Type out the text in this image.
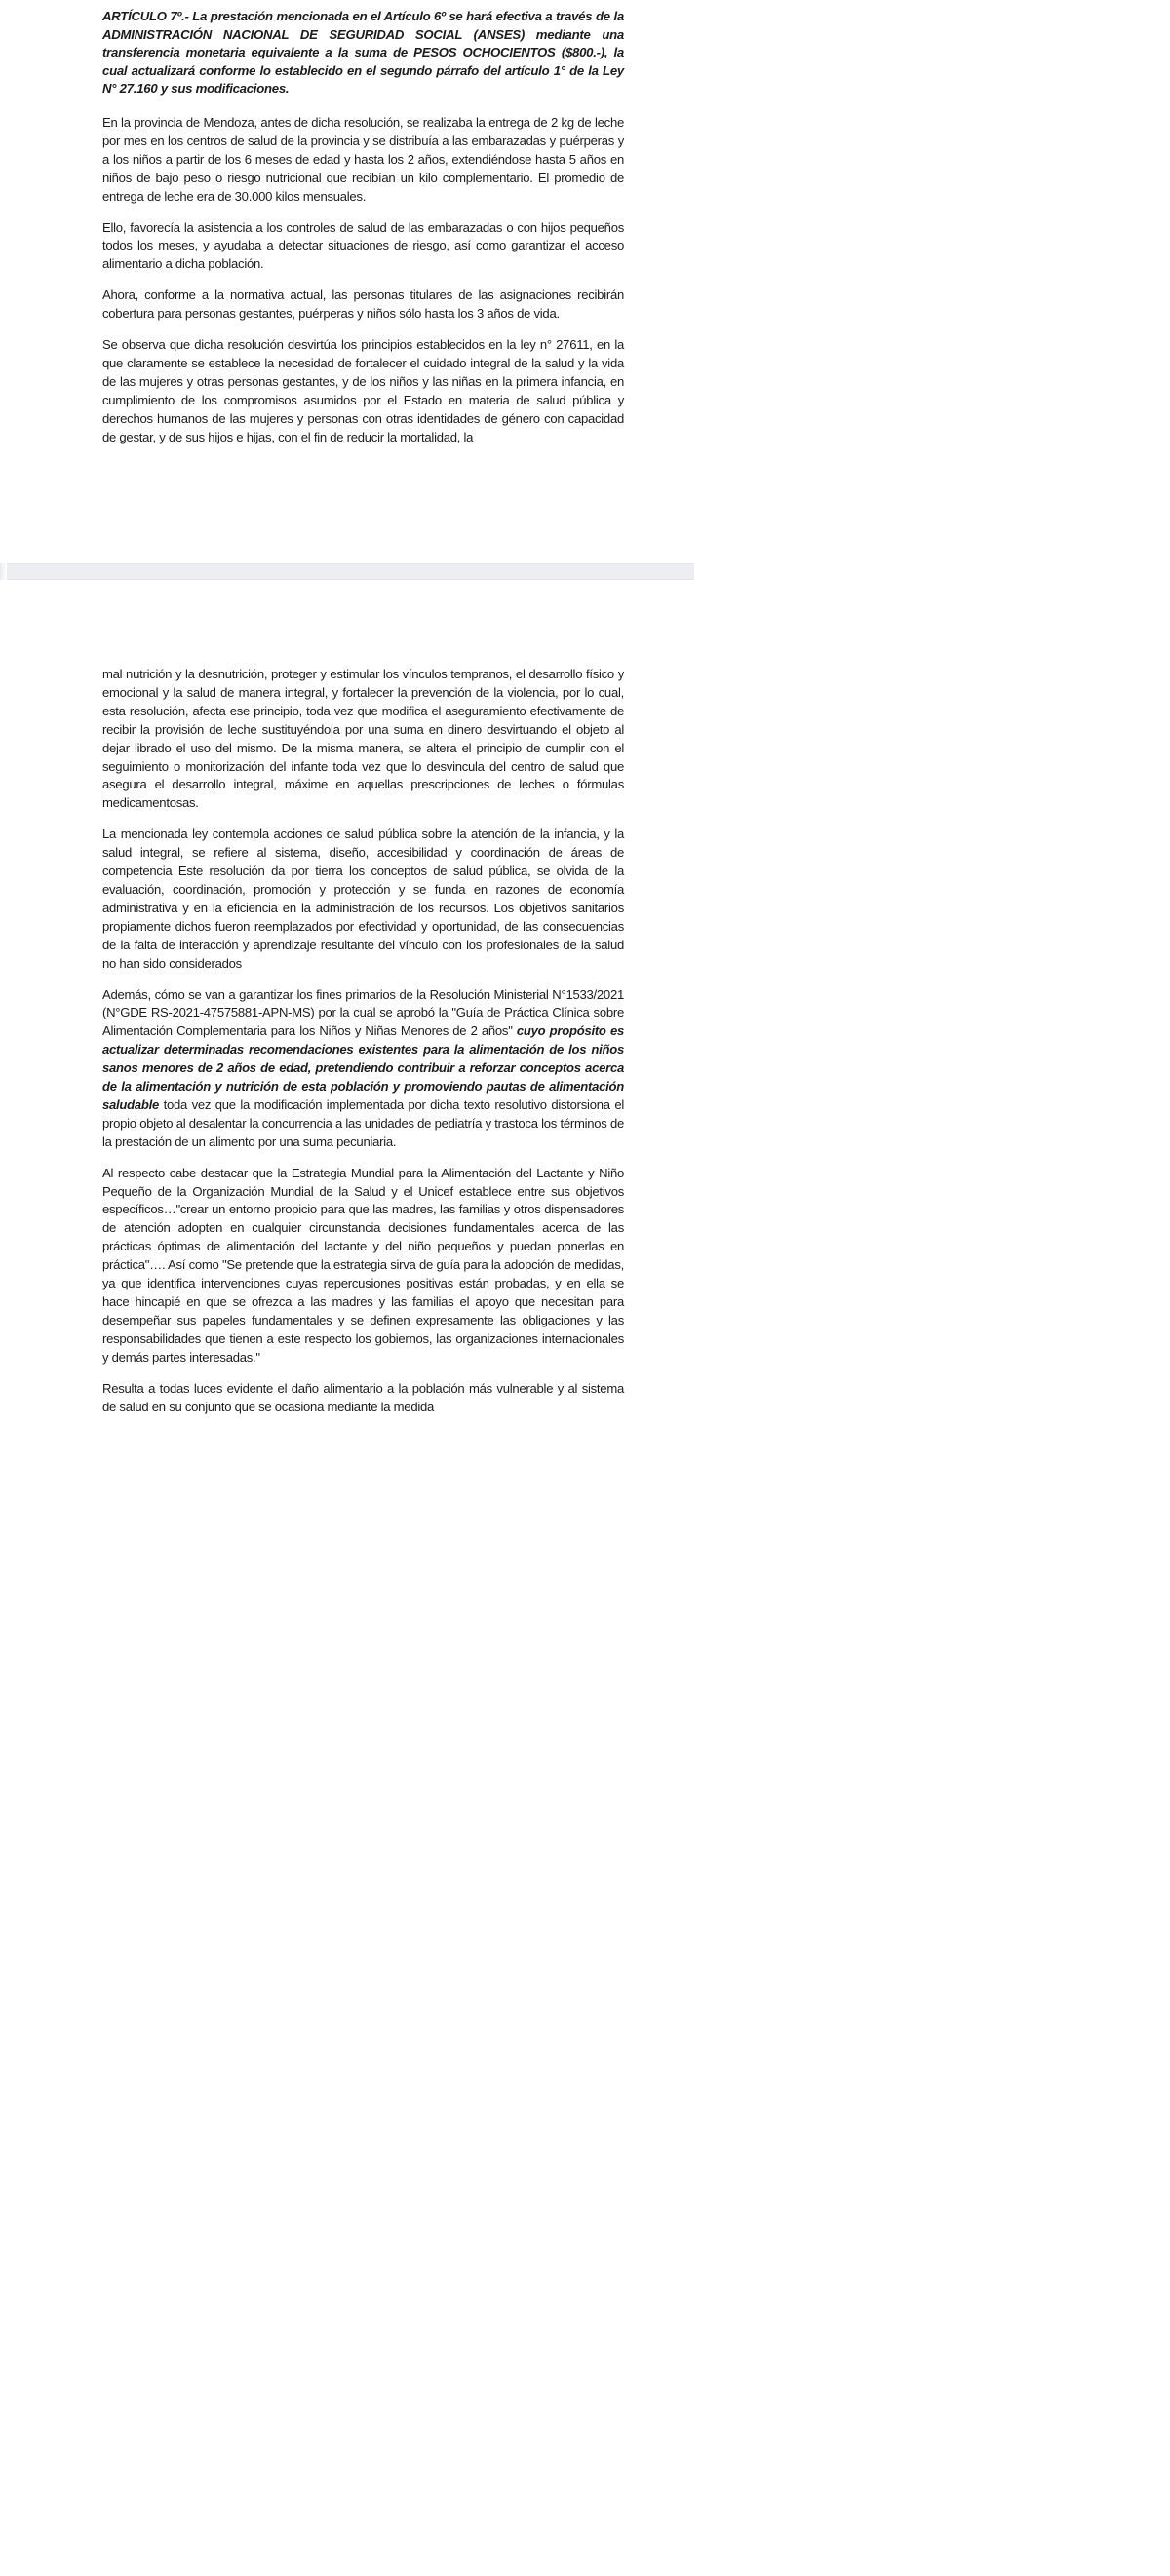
ARTÍCULO 7º.- La prestación mencionada en el Artículo 6º se hará efectiva a través de la ADMINISTRACIÓN NACIONAL DE SEGURIDAD SOCIAL (ANSES) mediante una transferencia monetaria equivalente a la suma de PESOS OCHOCIENTOS ($800.-), la cual actualizará conforme lo establecido en el segundo párrafo del artículo 1° de la Ley N° 27.160 y sus modificaciones.

En la provincia de Mendoza, antes de dicha resolución, se realizaba la entrega de 2 kg de leche por mes en los centros de salud de la provincia y se distribuía a las embarazadas y puérperas y a los niños a partir de los 6 meses de edad y hasta los 2 años, extendiéndose hasta 5 años en niños de bajo peso o riesgo nutricional que recibían un kilo complementario. El promedio de entrega de leche era de 30.000 kilos mensuales.

Ello, favorecía la asistencia a los controles de salud de las embarazadas o con hijos pequeños todos los meses, y ayudaba a detectar situaciones de riesgo, así como garantizar el acceso alimentario a dicha población.

Ahora, conforme a la normativa actual, las personas titulares de las asignaciones recibirán cobertura para personas gestantes, puérperas y niños sólo hasta los 3 años de vida.

Se observa que dicha resolución desvirtúa los principios establecidos en la ley n° 27611, en la que claramente se establece la necesidad de fortalecer el cuidado integral de la salud y la vida de las mujeres y otras personas gestantes, y de los niños y las niñas en la primera infancia, en cumplimiento de los compromisos asumidos por el Estado en materia de salud pública y derechos humanos de las mujeres y personas con otras identidades de género con capacidad de gestar, y de sus hijos e hijas, con el fin de reducir la mortalidad, la

mal nutrición y la desnutrición, proteger y estimular los vínculos tempranos, el desarrollo físico y emocional y la salud de manera integral, y fortalecer la prevención de la violencia, por lo cual, esta resolución, afecta ese principio, toda vez que modifica el aseguramiento efectivamente de recibir la provisión de leche sustituyéndola por una suma en dinero desvirtuando el objeto al dejar librado el uso del mismo. De la misma manera, se altera el principio de cumplir con el seguimiento o monitorización del infante toda vez que lo desvincula del centro de salud que asegura el desarrollo integral, máxime en aquellas prescripciones de leches o fórmulas medicamentosas.

La mencionada ley contempla acciones de salud pública sobre la atención de la infancia, y la salud integral, se refiere al sistema, diseño, accesibilidad y coordinación de áreas de competencia Este resolución da por tierra los conceptos de salud pública, se olvida de la evaluación, coordinación, promoción y protección y se funda en razones de economía administrativa y en la eficiencia en la administración de los recursos. Los objetivos sanitarios propiamente dichos fueron reemplazados por efectividad y oportunidad, de las consecuencias de la falta de interacción y aprendizaje resultante del vínculo con los profesionales de la salud no han sido considerados

Además, cómo se van a garantizar los fines primarios de la Resolución Ministerial N°1533/2021 (N°GDE RS-2021-47575881-APN-MS) por la cual se aprobó la "Guía de Práctica Clínica sobre Alimentación Complementaria para los Niños y Niñas Menores de 2 años" cuyo propósito es actualizar determinadas recomendaciones existentes para la alimentación de los niños sanos menores de 2 años de edad, pretendiendo contribuir a reforzar conceptos acerca de la alimentación y nutrición de esta población y promoviendo pautas de alimentación saludable toda vez que la modificación implementada por dicha texto resolutivo distorsiona el propio objeto al desalentar la concurrencia a las unidades de pediatría y trastoca los términos de la prestación de un alimento por una suma pecuniaria.

Al respecto cabe destacar que la Estrategia Mundial para la Alimentación del Lactante y Niño Pequeño de la Organización Mundial de la Salud y el Unicef establece entre sus objetivos específicos…"crear un entorno propicio para que las madres, las familias y otros dispensadores de atención adopten en cualquier circunstancia decisiones fundamentales acerca de las prácticas óptimas de alimentación del lactante y del niño pequeños y puedan ponerlas en práctica"…. Así como "Se pretende que la estrategia sirva de guía para la adopción de medidas, ya que identifica intervenciones cuyas repercusiones positivas están probadas, y en ella se hace hincapié en que se ofrezca a las madres y las familias el apoyo que necesitan para desempeñar sus papeles fundamentales y se definen expresamente las obligaciones y las responsabilidades que tienen a este respecto los gobiernos, las organizaciones internacionales y demás partes interesadas."

Resulta a todas luces evidente el daño alimentario a la población más vulnerable y al sistema de salud en su conjunto que se ocasiona mediante la medida
